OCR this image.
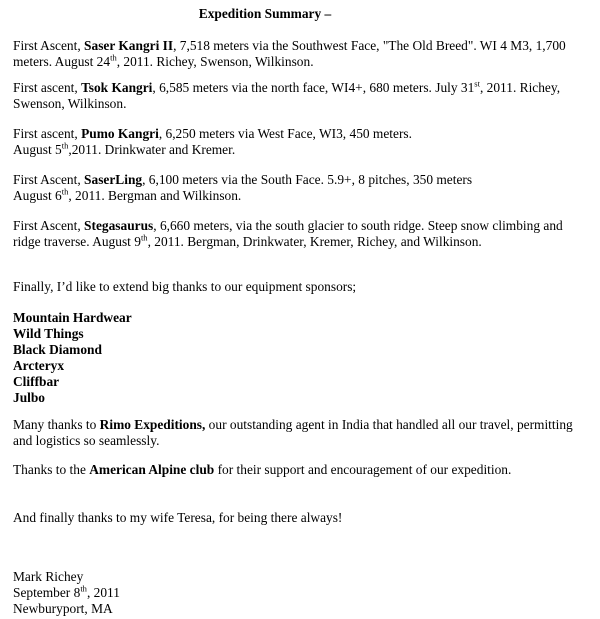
Expedition Summary –

First Ascent, Saser Kangri II, 7,518 meters via the Southwest Face, "The Old Breed". WI 4 M3, 1,700
meters. August 24th, 2011. Richey, Swenson, Wilkinson.

First ascent, Tsok Kangri, 6,585 meters via the north face, WI4+, 680 meters. July 31st, 2011. Richey,
Swenson, Wilkinson.

First ascent, Pumo Kangri, 6,250 meters via West Face, WI3, 450 meters.
August 5th,2011. Drinkwater and Kremer.

First Ascent, SaserLing, 6,100 meters via the South Face. 5.9+, 8 pitches, 350 meters
August 6th, 2011. Bergman and Wilkinson.

First Ascent, Stegasaurus, 6,660 meters, via the south glacier to south ridge. Steep snow climbing and
ridge traverse. August 9th, 2011. Bergman, Drinkwater, Kremer, Richey, and Wilkinson.

Finally, I’d like to extend big thanks to our equipment sponsors;

Mountain Hardwear
Wild Things
Black Diamond
Arcteryx
Cliffbar
Julbo

Many thanks to Rimo Expeditions, our outstanding agent in India that handled all our travel, permitting
and logistics so seamlessly.

Thanks to the American Alpine club for their support and encouragement of our expedition.

And finally thanks to my wife Teresa, for being there always!

Mark Richey
September 8th, 2011
Newburyport, MA
